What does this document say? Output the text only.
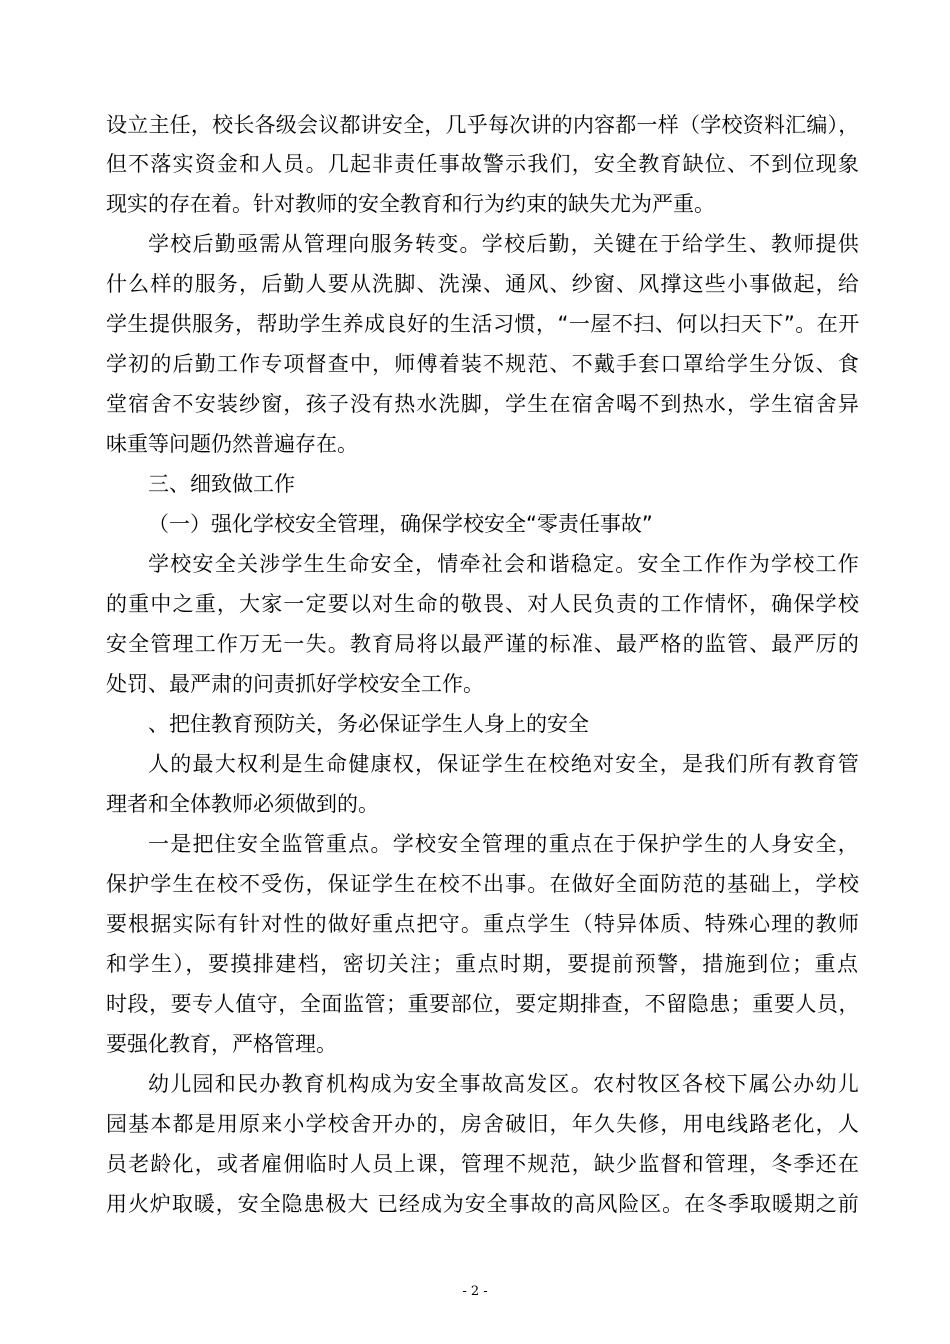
设立主任，校长各级会议都讲安全，几乎每次讲的内容都一样（学校资料汇编），
但不落实资金和人员。几起非责任事故警示我们，安全教育缺位、不到位现象
现实的存在着。针对教师的安全教育和行为约束的缺失尤为严重。
学校后勤亟需从管理向服务转变。学校后勤，关键在于给学生、教师提供
什么样的服务，后勤人要从洗脚、洗澡、通风、纱窗、风撑这些小事做起，给
学生提供服务，帮助学生养成良好的生活习惯，“一屋不扫、何以扫天下”。在开
学初的后勤工作专项督查中，师傅着装不规范、不戴手套口罩给学生分饭、食
堂宿舍不安装纱窗，孩子没有热水洗脚，学生在宿舍喝不到热水，学生宿舍异
味重等问题仍然普遍存在。
三、细致做工作
（一）强化学校安全管理，确保学校安全“零责任事故”
学校安全关涉学生生命安全，情牵社会和谐稳定。安全工作作为学校工作
的重中之重，大家一定要以对生命的敬畏、对人民负责的工作情怀，确保学校
安全管理工作万无一失。教育局将以最严谨的标准、最严格的监管、最严厉的
处罚、最严肃的问责抓好学校安全工作。
、把住教育预防关，务必保证学生人身上的安全
人的最大权利是生命健康权，保证学生在校绝对安全，是我们所有教育管
理者和全体教师必须做到的。
一是把住安全监管重点。学校安全管理的重点在于保护学生的人身安全，
保护学生在校不受伤，保证学生在校不出事。在做好全面防范的基础上，学校
要根据实际有针对性的做好重点把守。重点学生（特异体质、特殊心理的教师
和学生），要摸排建档，密切关注；重点时期，要提前预警，措施到位；重点
时段，要专人值守，全面监管；重要部位，要定期排查，不留隐患；重要人员，
要强化教育，严格管理。
幼儿园和民办教育机构成为安全事故高发区。农村牧区各校下属公办幼儿
园基本都是用原来小学校舍开办的，房舍破旧，年久失修，用电线路老化，人
员老龄化，或者雇佣临时人员上课，管理不规范，缺少监督和管理，冬季还在
用火炉取暖，安全隐患极大 已经成为安全事故的高风险区。在冬季取暖期之前
- 2 -
